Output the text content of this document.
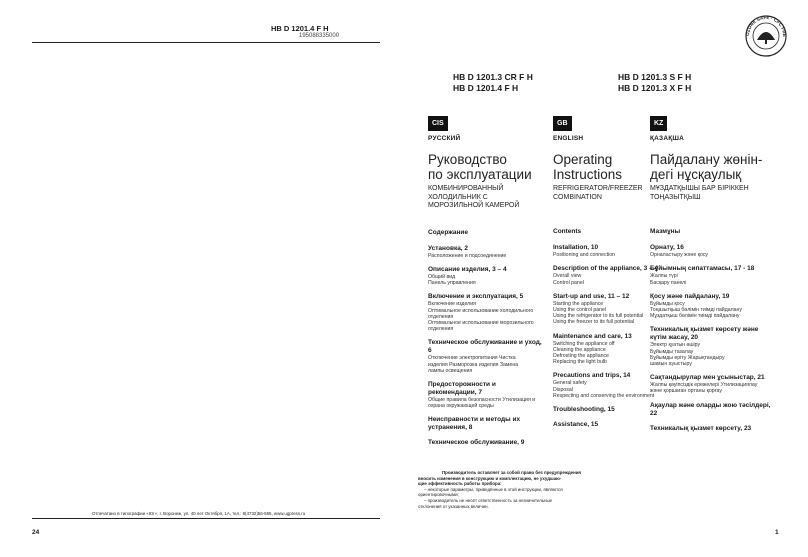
HB D 1201.4 F H
195088335000
Отпечатано в типографии «Юг», г. Воронеж, ул. 40 лет Октября, 1А, тел.: 8(4732)56-555, www.ugpress.ru
24
OZONE SAFE · CFC FRE
HB D 1201.3 CR F H
HB D 1201.4 F H
HB D 1201.3 S F H
HB D 1201.3 X F H
CIS
РУССКИЙ
Руководство
по эксплуатации
КОМБИНИРОВАННЫЙ
ХОЛОДИЛЬНИК С
МОРОЗИЛЬНОЙ КАМЕРОЙ
Содержание
Установка, 2
Расположение и подсоединение
Описание изделия, 3 – 4
Общий вид
Панель управления
Включение и эксплуатация, 5
Включение изделия
Оптимальное использование холодильного
отделения
Оптимальное использование морозильного отделения
Техническое обслуживание и уход, 6
Отключение электропитания Чистка
изделия Разморозка изделия Замена
лампы освещения
Предосторожности и рекомендации, 7
Общие правила безопасности Утилизация и
охрана окружающей среды
Неисправности и методы их устранения, 8
Техническое обслуживание, 9
GB
ENGLISH
Operating
Instructions
REFRIGERATOR/FREEZER
COMBINATION
Contents
Installation, 10
Positioning and connection
Description of the appliance, 3 – 4
Overall view
Control panel
Start-up and use, 11 – 12
Starting the appliance
Using the control panel
Using the refrigerator to its full potential
Using the freezer to its full potential
Maintenance and care, 13
Switching the appliance off
Cleaning the appliance
Defrosting the appliance
Replacing the light bulb
Precautions and trips, 14
General safety
Disposal
Respecting and conserving the environment
Troubleshooting, 15
Assistance, 15
KZ
ҚАЗАҚША
Пайдалану жөнін-
дегі нұсқаулық
МҰЗДАТҚЫШЫ БАР БІРІККЕН
ТОҢАЗЫТҚЫШ
Мазмұны
Орнату, 16
Орналастыру және қосу
Бұйымның сипаттамасы, 17 - 18
Жалпы түрі
Басқару панелі
Қосу және пайдалану, 19
Бұйымды қосу
Тоңазытқыш бөлімін тиімді пайдалану
Мұздатқыш бөлімін тиімді пайдалану
Техникалық қызмет көрсету және күтім жасау, 20
Электр қуатын өшіру
Бұйымды тазалау
Бұйымды еріту Жарықтандыру
шамын ауыстыру
Сақтандырулар мен ұсыныстар, 21
Жалпы қауіпсіздік ережелері Утилизациялау
және қоршаған ортаны қорғау
Ақаулар және оларды жою тәсілдері, 22
Техникалық қызмет көрсету, 23
Производитель оставляет за собой право без предупреждения
вносить изменения в конструкцию и комплектацию, не ухудшаю-
щие эффективность работы прибора:
– некоторые параметры, приведённые в этой инструкции, являются
ориентировочными;
– производитель не несёт ответственность за незначительные
отклонения от указанных величин.
1
